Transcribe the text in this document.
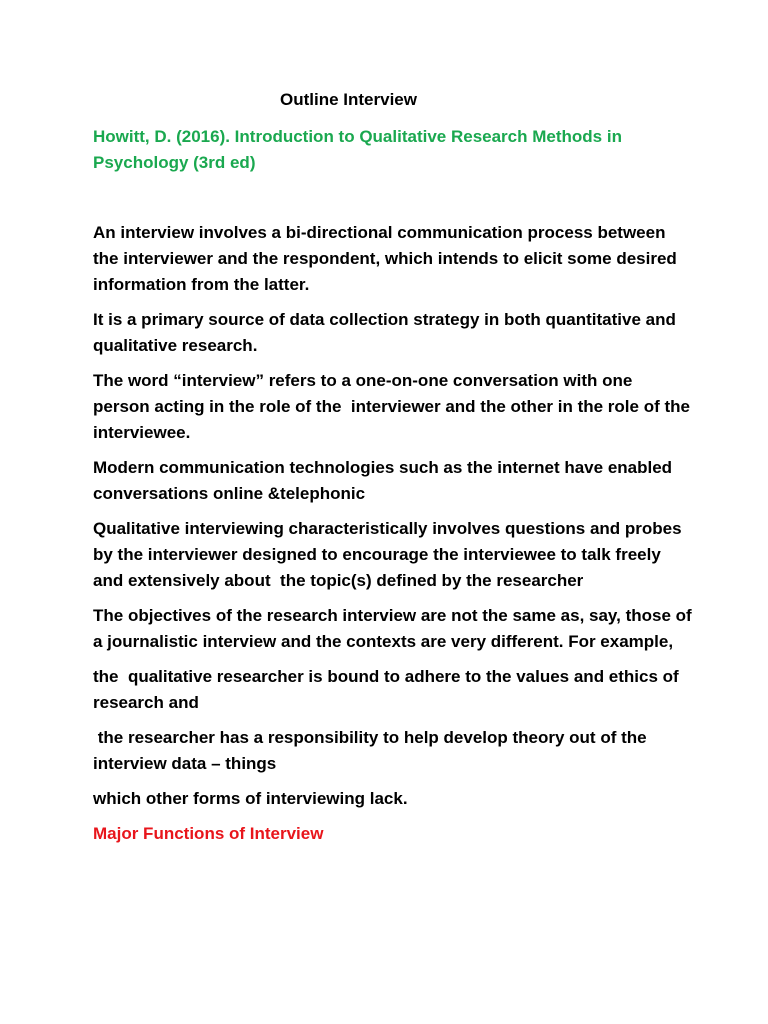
Outline Interview
Howitt, D. (2016). Introduction to Qualitative Research Methods in Psychology (3rd ed)

An interview involves a bi-directional communication process between the interviewer and the respondent, which intends to elicit some desired information from the latter.

It is a primary source of data collection strategy in both quantitative and qualitative research.

The word “interview” refers to a one-on-one conversation with one person acting in the role of the  interviewer and the other in the role of the interviewee.

Modern communication technologies such as the internet have enabled conversations online &telephonic

Qualitative interviewing characteristically involves questions and probes by the interviewer designed to encourage the interviewee to talk freely and extensively about  the topic(s) defined by the researcher

The objectives of the research interview are not the same as, say, those of a journalistic interview and the contexts are very different. For example,

the  qualitative researcher is bound to adhere to the values and ethics of research and

the researcher has a responsibility to help develop theory out of the interview data – things

which other forms of interviewing lack.

Major Functions of Interview
